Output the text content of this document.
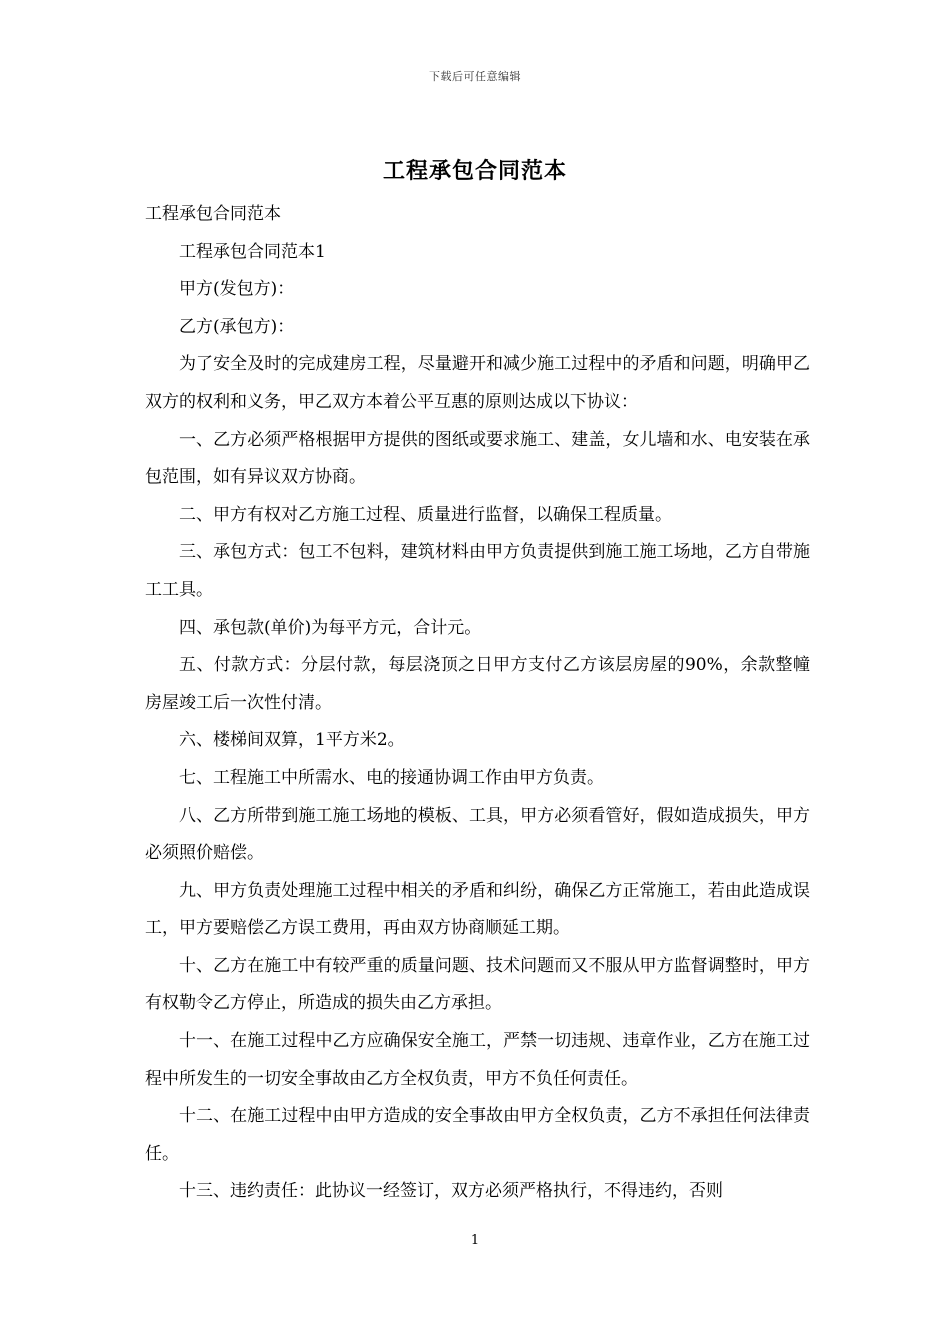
下载后可任意编辑
工程承包合同范本

工程承包合同范本

工程承包合同范本1

甲方(发包方)：

乙方(承包方)：

为了安全及时的完成建房工程，尽量避开和减少施工过程中的矛盾和问题，明确甲乙双方的权利和义务，甲乙双方本着公平互惠的原则达成以下协议：

一、乙方必须严格根据甲方提供的图纸或要求施工、建盖，女儿墙和水、电安装在承包范围，如有异议双方协商。

二、甲方有权对乙方施工过程、质量进行监督，以确保工程质量。

三、承包方式：包工不包料，建筑材料由甲方负责提供到施工施工场地，乙方自带施工工具。

四、承包款(单价)为每平方元，合计元。

五、付款方式：分层付款，每层浇顶之日甲方支付乙方该层房屋的90%，余款整幢房屋竣工后一次性付清。

六、楼梯间双算，1平方米2。

七、工程施工中所需水、电的接通协调工作由甲方负责。

八、乙方所带到施工施工场地的模板、工具，甲方必须看管好，假如造成损失，甲方必须照价赔偿。

九、甲方负责处理施工过程中相关的矛盾和纠纷，确保乙方正常施工，若由此造成误工，甲方要赔偿乙方误工费用，再由双方协商顺延工期。

十、乙方在施工中有较严重的质量问题、技术问题而又不服从甲方监督调整时，甲方有权勒令乙方停止，所造成的损失由乙方承担。

十一、在施工过程中乙方应确保安全施工，严禁一切违规、违章作业，乙方在施工过程中所发生的一切安全事故由乙方全权负责，甲方不负任何责任。

十二、在施工过程中由甲方造成的安全事故由甲方全权负责，乙方不承担任何法律责任。

十三、违约责任：此协议一经签订，双方必须严格执行，不得违约，否则

1
